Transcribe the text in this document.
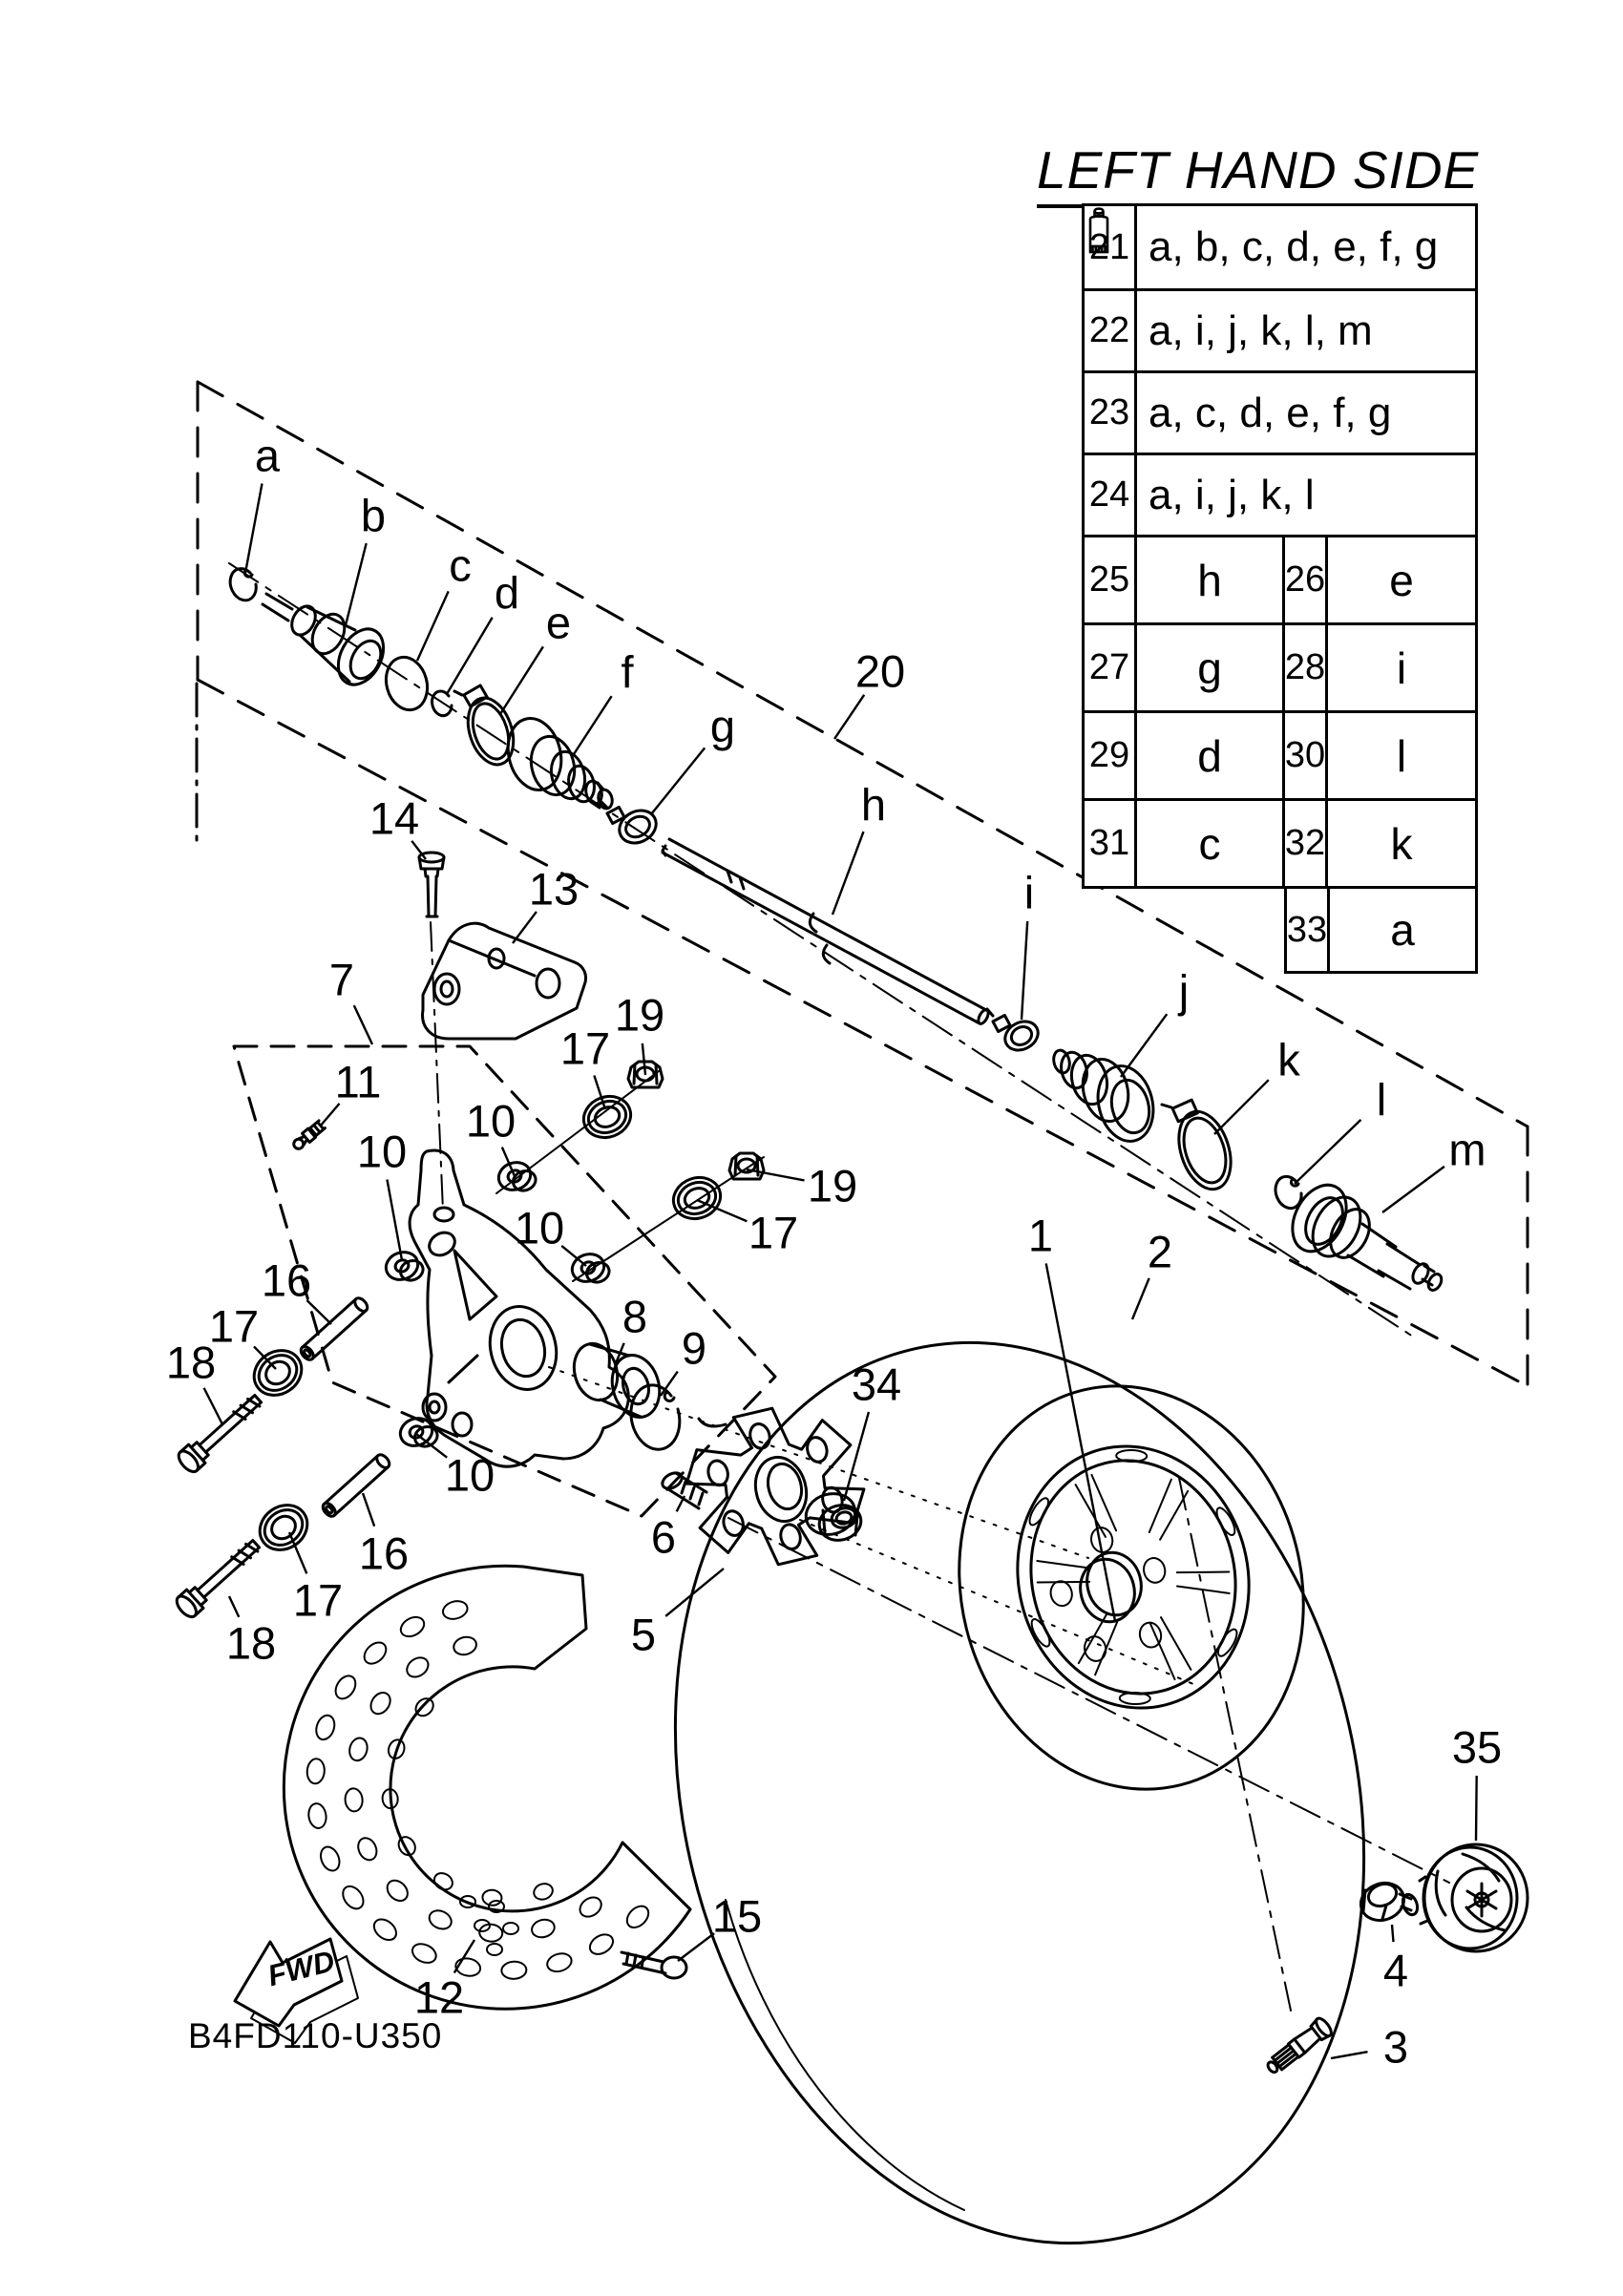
FWD
a
b
c
d
e
f
g
h
i
j
k
l
m
20
14
13
7
19
17
11
10
10
10
19
17
8
9
34
16
17
18
10
16
17
18
6
5
1 2
35
4
3
15
12
LEFT HAND SIDE
21 a, b, c, d, e, f, g
22 a, i, j, k, l, m
23 a, c, d, e, f, g
24 a, i, j, k, l
25	h	26	e
27	g	28	i
29	d	30	l
31	c	32	k
33	a
B4FD110-U350
